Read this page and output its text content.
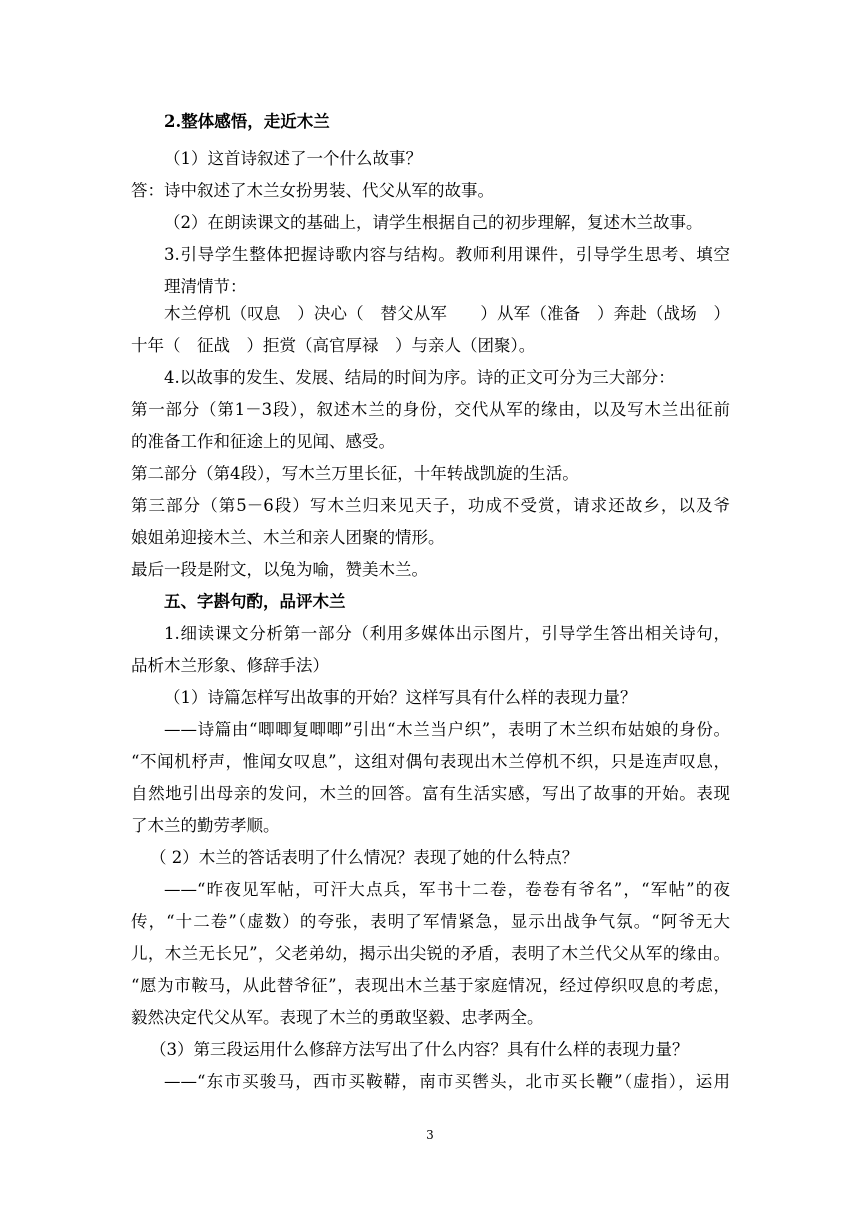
2.整体感悟，走近木兰
（1）这首诗叙述了一个什么故事？
答：诗中叙述了木兰女扮男装、代父从军的故事。
（2）在朗读课文的基础上，请学生根据自己的初步理解，复述木兰故事。
3.引导学生整体把握诗歌内容与结构。教师利用课件，引导学生思考、填空
理清情节：
木兰停机（叹息　）决心（　替父从军　　）从军（准备　）奔赴（战场　）
十年（　征战　）拒赏（高官厚禄　）与亲人（团聚）。
4.以故事的发生、发展、结局的时间为序。诗的正文可分为三大部分：
第一部分（第1－3段），叙述木兰的身份，交代从军的缘由，以及写木兰出征前
的准备工作和征途上的见闻、感受。
第二部分（第4段），写木兰万里长征，十年转战凯旋的生活。
第三部分（第5－6段）写木兰归来见天子，功成不受赏，请求还故乡，以及爷
娘姐弟迎接木兰、木兰和亲人团聚的情形。
最后一段是附文，以兔为喻，赞美木兰。
五、字斟句酌，品评木兰
1.细读课文分析第一部分（利用多媒体出示图片，引导学生答出相关诗句，
品析木兰形象、修辞手法）
（1）诗篇怎样写出故事的开始？这样写具有什么样的表现力量？
——诗篇由“唧唧复唧唧”引出“木兰当户织”，表明了木兰织布姑娘的身份。
“不闻机杼声，惟闻女叹息”，这组对偶句表现出木兰停机不织，只是连声叹息，
自然地引出母亲的发问，木兰的回答。富有生活实感，写出了故事的开始。表现
了木兰的勤劳孝顺。
（ 2）木兰的答话表明了什么情况？表现了她的什么特点？
——“昨夜见军帖，可汗大点兵，军书十二卷，卷卷有爷名”，“军帖”的夜
传，“十二卷”（虚数）的夸张，表明了军情紧急，显示出战争气氛。“阿爷无大
儿，木兰无长兄”，父老弟幼，揭示出尖锐的矛盾，表明了木兰代父从军的缘由。
“愿为市鞍马，从此替爷征”，表现出木兰基于家庭情况，经过停织叹息的考虑，
毅然决定代父从军。表现了木兰的勇敢坚毅、忠孝两全。
（3）第三段运用什么修辞方法写出了什么内容？具有什么样的表现力量？
——“东市买骏马，西市买鞍鞯，南市买辔头，北市买长鞭”（虚指），运用
3
